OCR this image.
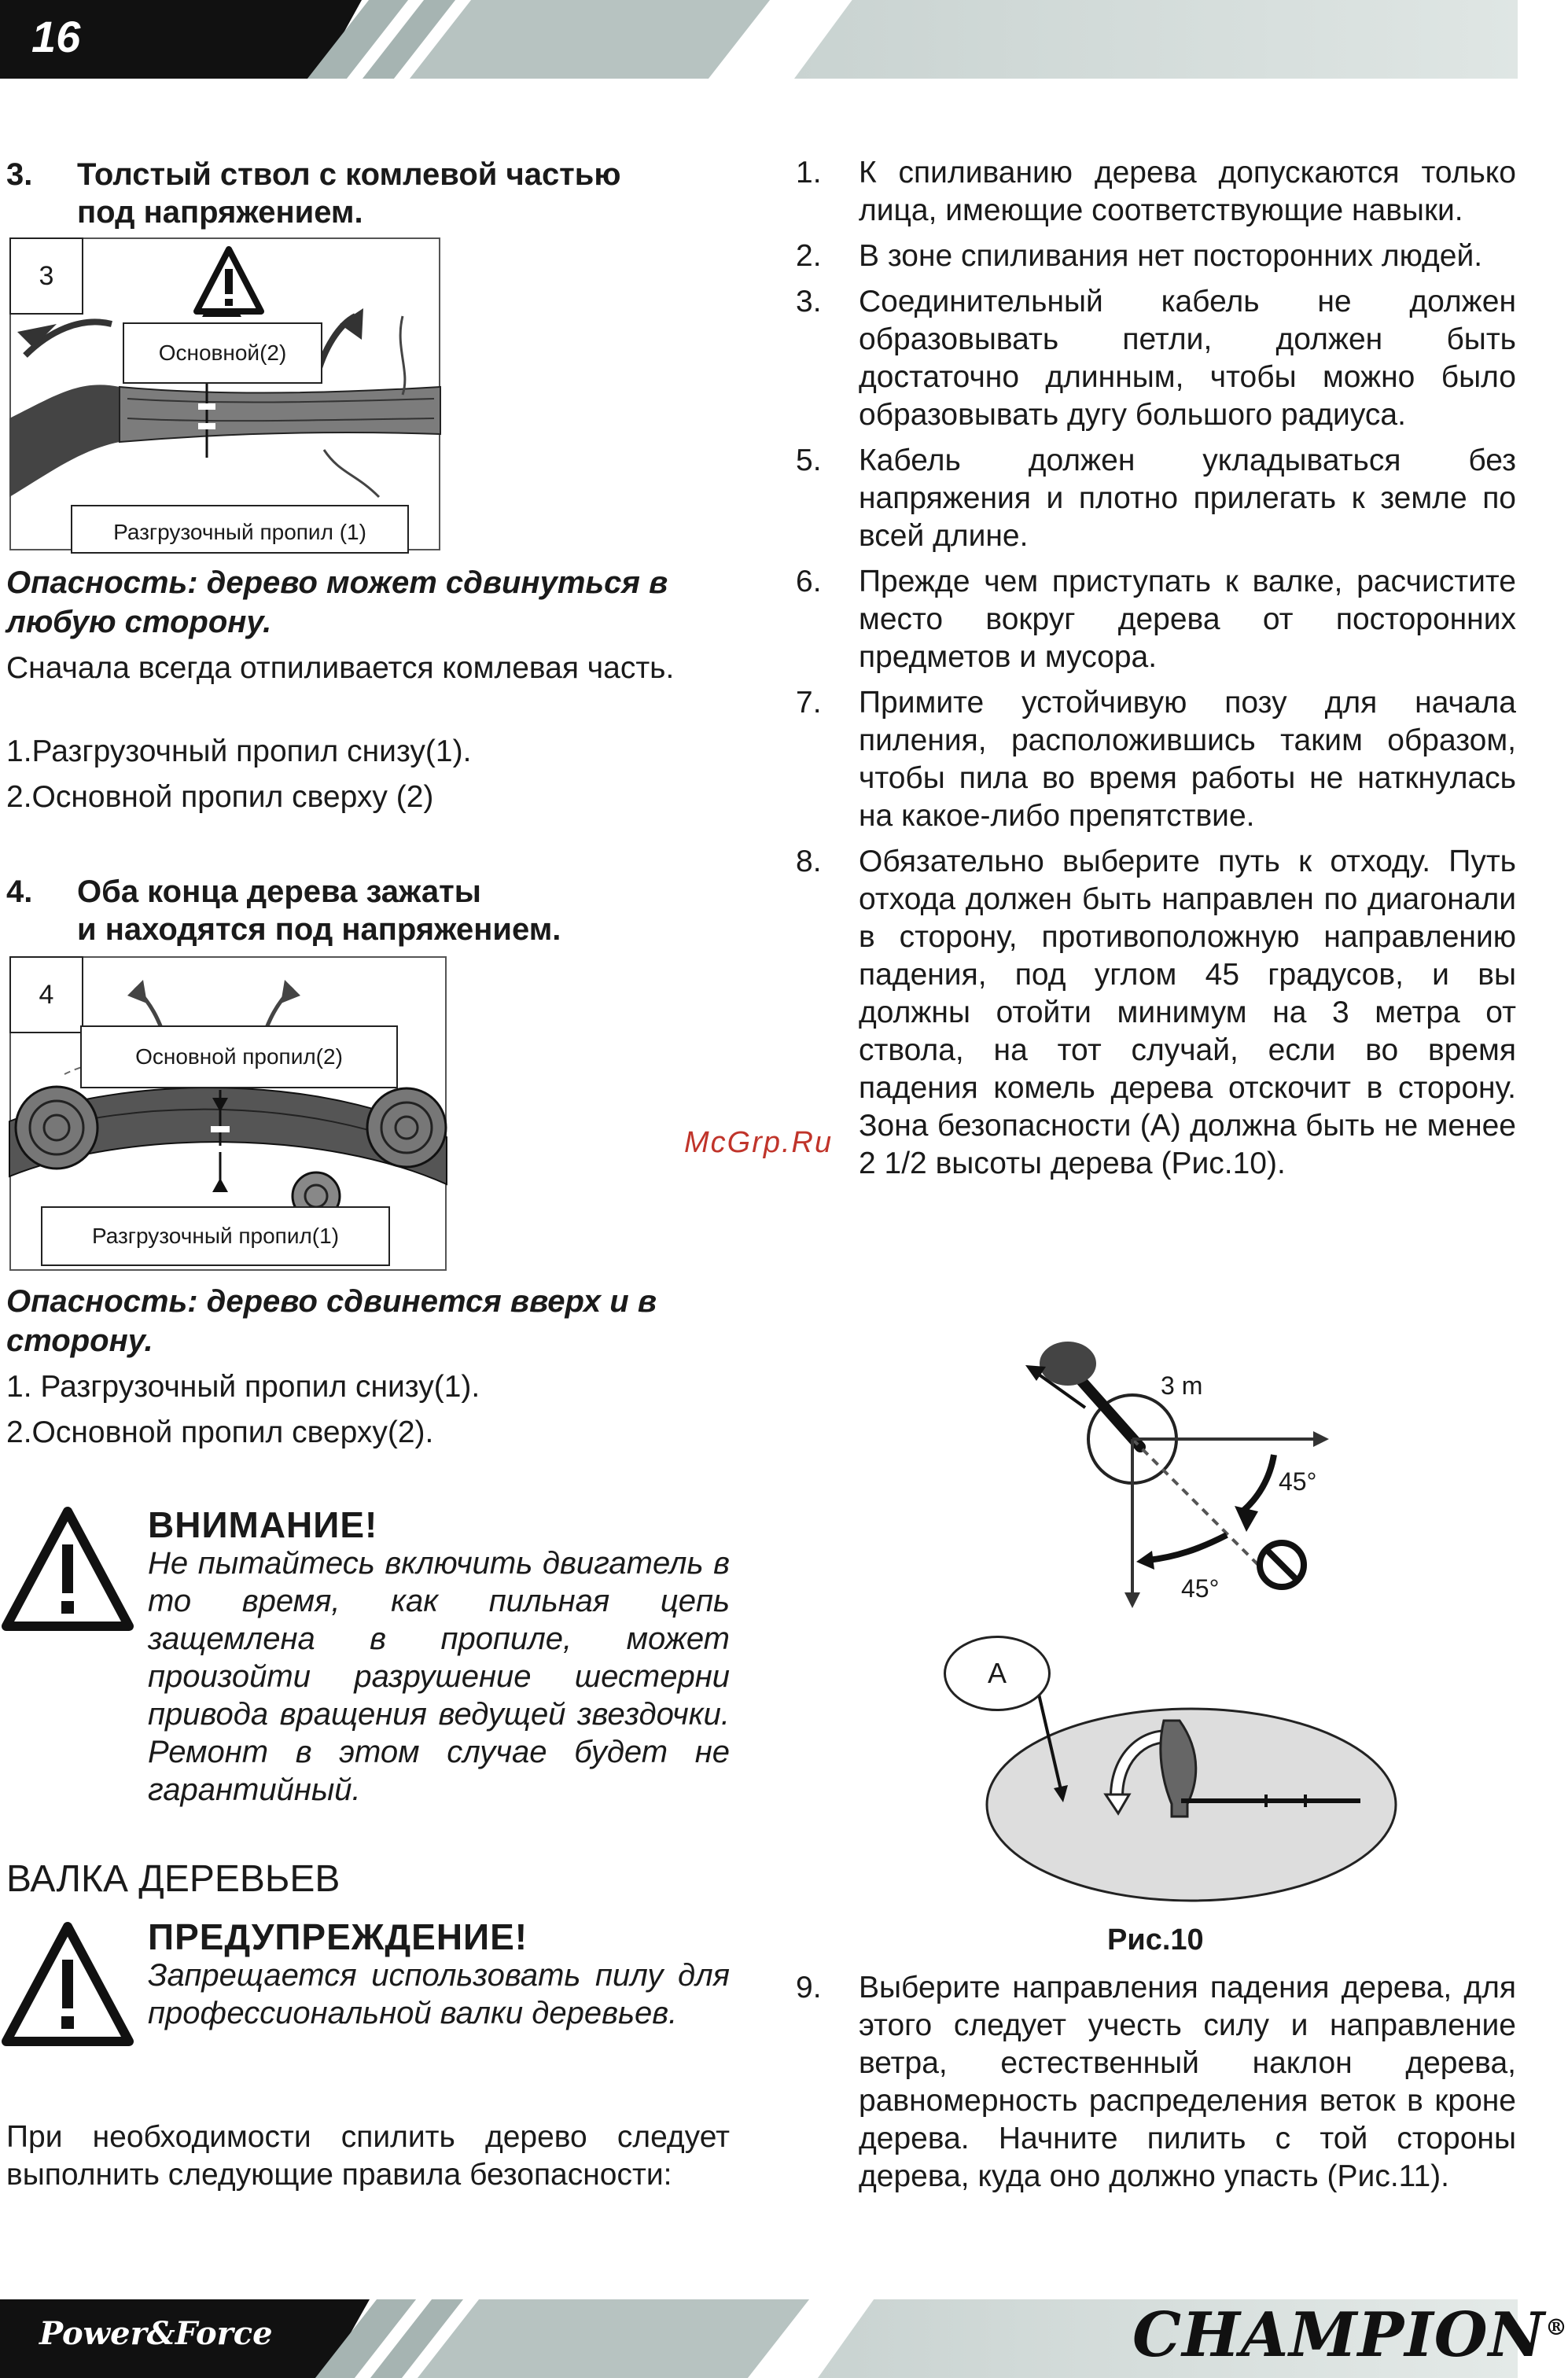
16
3. Толстый ствол с комлевой частью
под напряжением.
3
Основной(2)
Разгрузочный пропил (1)
Опасность: дерево может сдвинуться в любую сторону.
Сначала всегда отпиливается комлевая часть.
1.Разгрузочный пропил снизу(1).
2.Основной пропил сверху (2)
4. Оба конца дерева зажаты
и находятся под напряжением.
4
Основной пропил(2)
Разгрузочный пропил(1)
Опасность: дерево сдвинется вверх и в сторону.
1. Разгрузочный пропил снизу(1).
2.Основной пропил сверху(2).
ВНИМАНИЕ!
Не пытайтесь включить двигатель в то время, как пильная цепь защемлена в пропиле, может произойти разрушение шестерни привода вращения ведущей звездочки. Ремонт в этом случае будет не гарантийный.
ВАЛКА ДЕРЕВЬЕВ
ПРЕДУПРЕЖДЕНИЕ!
Запрещается использовать пилу для профессиональной валки деревьев.
При необходимости спилить дерево следует выполнить следующие правила безопасности:
1.	К спиливанию дерева допускаются только лица, имеющие соответствующие навыки.
2.	В зоне спиливания нет посторонних людей.
3.	Соединительный кабель не должен образовывать петли, должен быть достаточно длинным, чтобы можно было образовывать дугу большого радиуса.
5.	Кабель должен укладываться без напряжения и плотно прилегать к земле по всей длине.
6.	Прежде чем приступать к валке, расчистите место вокруг дерева от посторонних предметов и мусора.
7.	Примите устойчивую позу для начала пиления, расположившись таким образом, чтобы пила во время работы не наткнулась на какое-либо препятствие.
8.	Обязательно выберите путь к отходу. Путь отхода должен быть направлен по диагонали в сторону, противоположную направлению падения, под углом 45 градусов, и вы должны отойти минимум на 3 метра от ствола, на тот случай, если во время падения комель дерева отскочит в сторону. Зона безопасности (А) должна быть не менее 2 1/2 высоты дерева (Рис.10).
McGrp.Ru
3 m
45°
45°
A
Рис.10
9.	Выберите направления падения дерева, для этого следует учесть силу и направление ветра, естественный наклон дерева, равномерность распределения веток в кроне дерева. Начните пилить с той стороны дерева, куда оно должно упасть (Рис.11).
Power&Force	CHAMPION®
